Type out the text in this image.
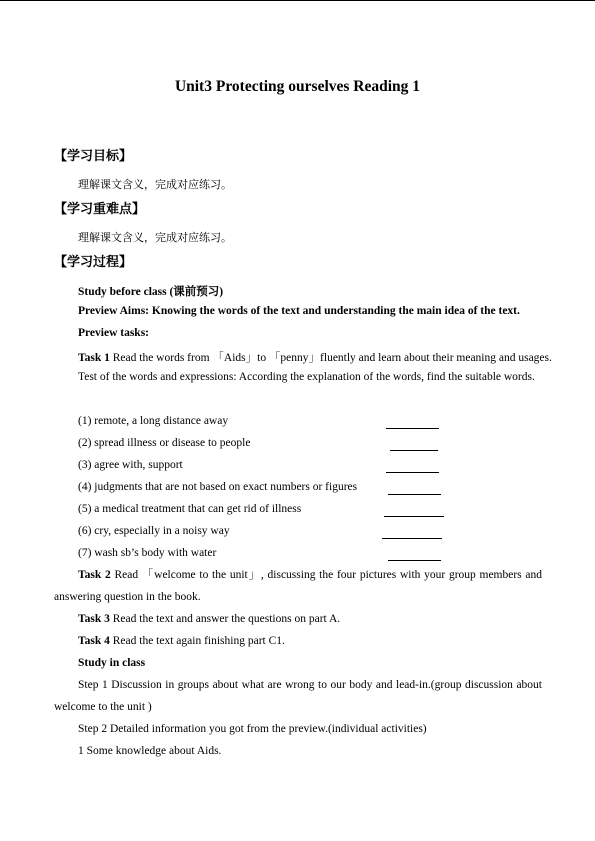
Unit3 Protecting ourselves Reading 1
【学习目标】
理解课文含义，完成对应练习。
【学习重难点】
理解课文含义，完成对应练习。
【学习过程】
Study before class (课前预习)
Preview Aims: Knowing the words of the text and understanding the main idea of the text.
Preview tasks:
Task 1 Read the words from 「Aids」to 「penny」fluently and learn about their meaning and usages.
Test of the words and expressions: According the explanation of the words, find the suitable words.
(1) remote, a long distance away
(2) spread illness or disease to people
(3) agree with, support
(4) judgments that are not based on exact numbers or figures
(5) a medical treatment that can get rid of illness
(6) cry, especially in a noisy way
(7) wash sb’s body with water
Task 2 Read 「welcome to the unit」, discussing the four pictures with your group members and answering question in the book.
Task 3 Read the text and answer the questions on part A.
Task 4 Read the text again finishing part C1.
Study in class
Step 1 Discussion in groups about what are wrong to our body and lead-in.(group discussion about welcome to the unit )
Step 2 Detailed information you got from the preview.(individual activities)
1 Some knowledge about Aids.
